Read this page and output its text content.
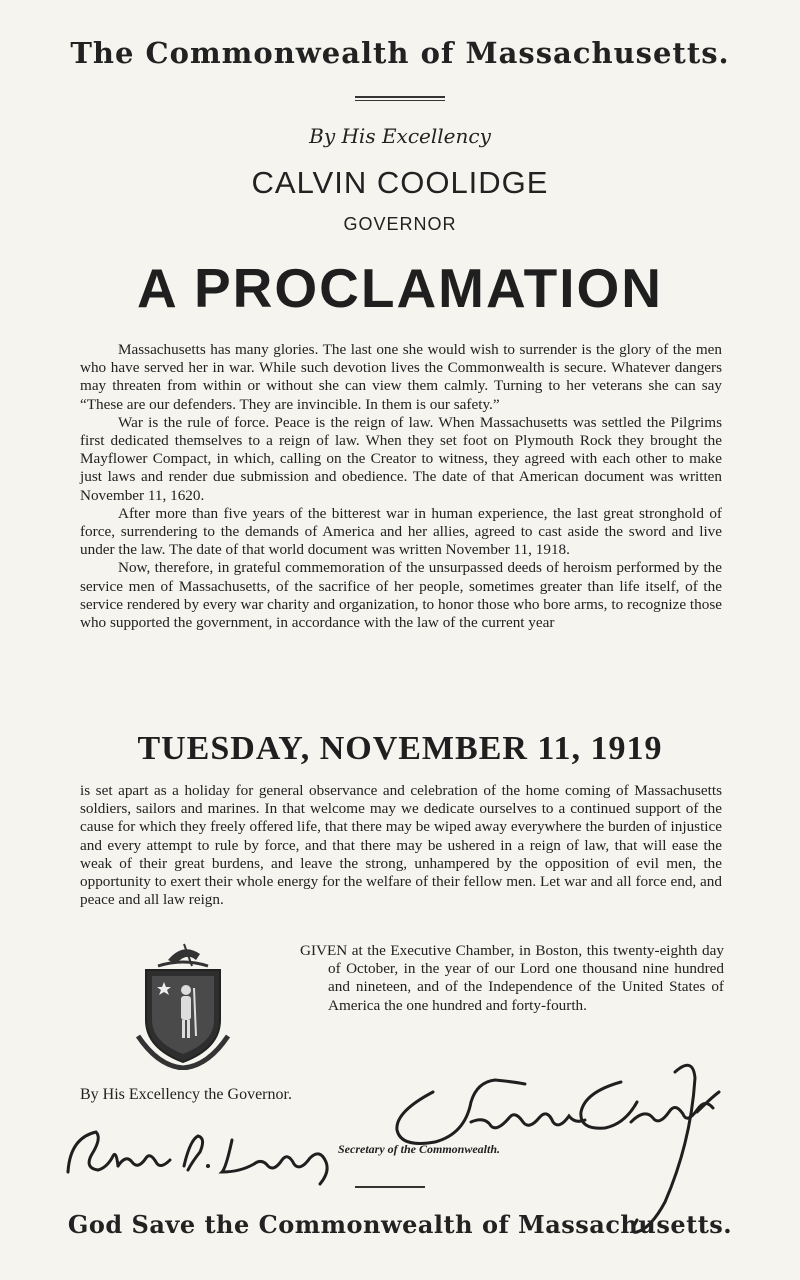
The Commonwealth of Massachusetts.
By His Excellency
CALVIN COOLIDGE
GOVERNOR
A PROCLAMATION

Massachusetts has many glories. The last one she would wish to surrender is the glory of the men who have served her in war. While such devotion lives the Commonwealth is secure. Whatever dangers may threaten from within or without she can view them calmly. Turning to her veterans she can say “These are our defenders. They are invincible. In them is our safety.”

War is the rule of force. Peace is the reign of law. When Massachusetts was settled the Pilgrims first dedicated themselves to a reign of law. When they set foot on Plymouth Rock they brought the Mayflower Compact, in which, calling on the Creator to witness, they agreed with each other to make just laws and render due submission and obedience. The date of that American document was written November 11, 1620.

After more than five years of the bitterest war in human experience, the last great stronghold of force, surrendering to the demands of America and her allies, agreed to cast aside the sword and live under the law. The date of that world document was written November 11, 1918.

Now, therefore, in grateful commemoration of the unsurpassed deeds of heroism performed by the service men of Massachusetts, of the sacrifice of her people, sometimes greater than life itself, of the service rendered by every war charity and organization, to honor those who bore arms, to recognize those who supported the government, in accordance with the law of the current year

TUESDAY, NOVEMBER 11, 1919

is set apart as a holiday for general observance and celebration of the home coming of Massachusetts soldiers, sailors and marines. In that welcome may we dedicate ourselves to a continued support of the cause for which they freely offered life, that there may be wiped away everywhere the burden of injustice and every attempt to rule by force, and that there may be ushered in a reign of law, that will ease the weak of their great burdens, and leave the strong, unhampered by the opposition of evil men, the opportunity to exert their whole energy for the welfare of their fellow men. Let war and all force end, and peace and all law reign.

GIVEN at the Executive Chamber, in Boston, this twenty-eighth day of October, in the year of our Lord one thousand nine hundred and nineteen, and of the Independence of the United States of America the one hundred and forty-fourth.
By His Excellency the Governor.
Secretary of the Commonwealth.
God Save the Commonwealth of Massachusetts.
